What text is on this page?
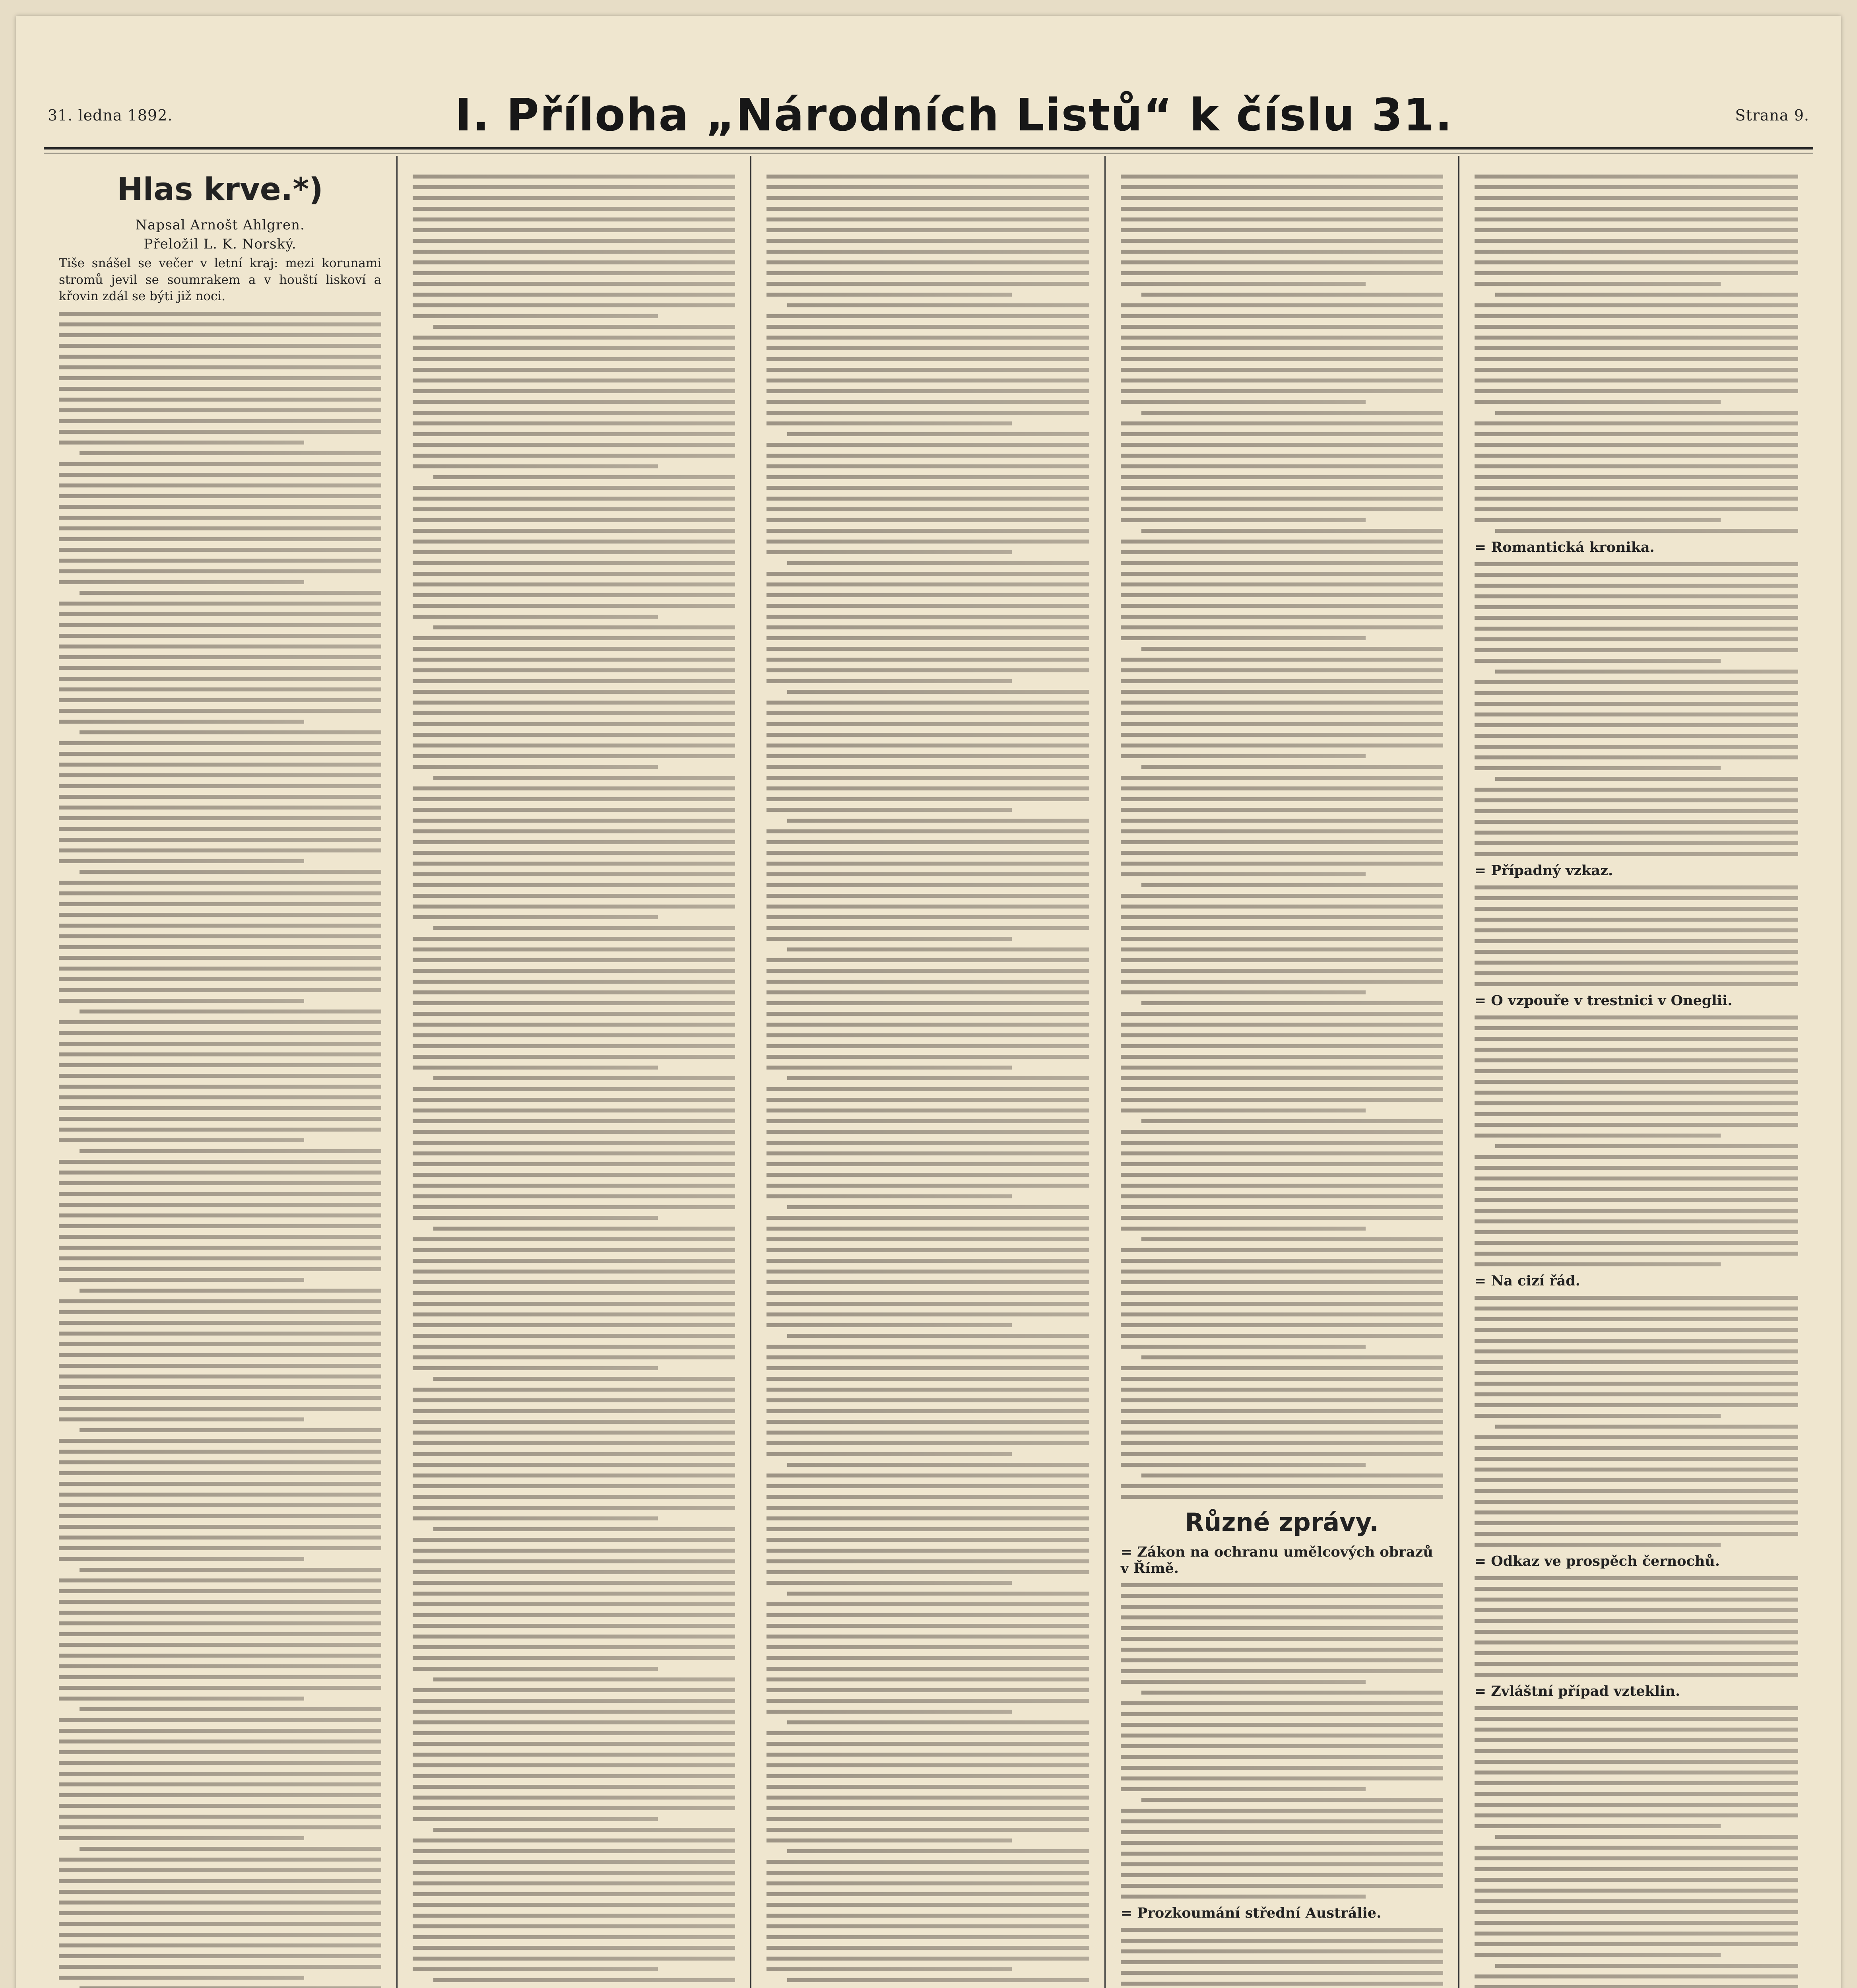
31. ledna 1892.	I. Příloha „Národních Listů“ k číslu 31.	Strana 9.
Hlas krve.*)
Napsal Arnošt Ahlgren.
Přeložil L. K. Norský.
Tiše snášel se večer v letní kraj: mezi korunami stromů jevil se soumrakem a v houští liskoví a křovin zdál se býti již noci.
Různé zprávy.
= Zákon na ochranu umělcových obrazů v Římě.
= Prozkoumání střední Austrálie.
= Romantická kronika.
= Případný vzkaz.
= O vzpouře v trestnici v Oneglii.
= Na cizí řád.
= Odkaz ve prospěch černochů.
= Zvláštní případ vzteklin.
